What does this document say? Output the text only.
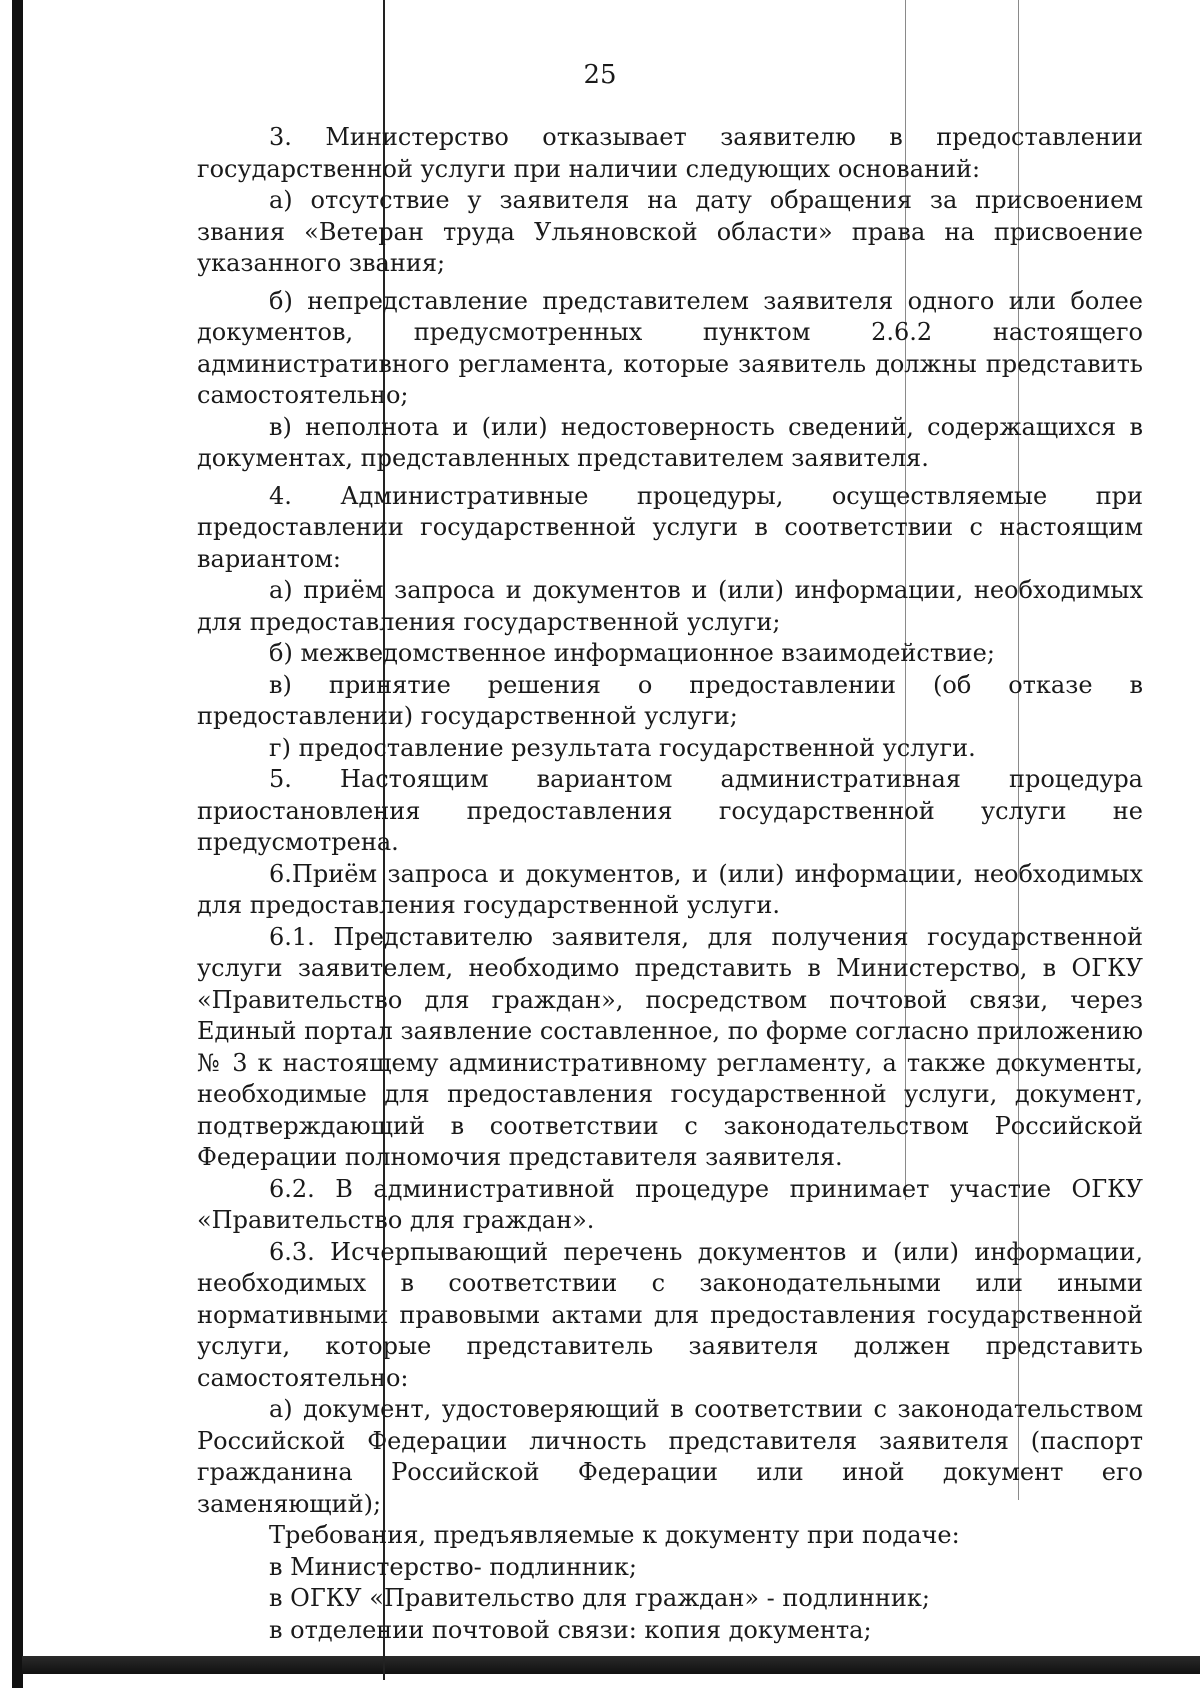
25

3. Министерство отказывает заявителю в предоставлении государственной услуги при наличии следующих оснований:

а) отсутствие у заявителя на дату обращения за присвоением звания «Ветеран труда Ульяновской области» права на присвоение указанного звания;

б) непредставление представителем заявителя одного или более документов, предусмотренных пунктом 2.6.2 настоящего административного регламента, которые заявитель должны представить самостоятельно;

в) неполнота и (или) недостоверность сведений, содержащихся в документах, представленных представителем заявителя.

4. Административные процедуры, осуществляемые при предоставлении государственной услуги в соответствии с настоящим вариантом:

а) приём запроса и документов и (или) информации, необходимых для предоставления государственной услуги;

б) межведомственное информационное взаимодействие;

в) принятие решения о предоставлении (об отказе в предоставлении) государственной услуги;

г) предоставление результата государственной услуги.

5. Настоящим вариантом административная процедура приостановления предоставления государственной услуги не предусмотрена.

6.Приём запроса и документов, и (или) информации, необходимых для предоставления государственной услуги.

6.1. Представителю заявителя, для получения государственной услуги заявителем, необходимо представить в Министерство, в ОГКУ «Правительство для граждан», посредством почтовой связи, через Единый портал заявление составленное, по форме согласно приложению № 3 к настоящему административному регламенту, а также документы, необходимые для предоставления государственной услуги, документ, подтверждающий в соответствии с законодательством Российской Федерации полномочия представителя заявителя.

6.2. В административной процедуре принимает участие ОГКУ «Правительство для граждан».

6.3. Исчерпывающий перечень документов и (или) информации, необходимых в соответствии с законодательными или иными нормативными правовыми актами для предоставления государственной услуги, которые представитель заявителя должен представить самостоятельно:

а) документ, удостоверяющий в соответствии с законодательством Российской Федерации личность представителя заявителя (паспорт гражданина Российской Федерации или иной документ его заменяющий);

Требования, предъявляемые к документу при подаче:

в Министерство- подлинник;

в ОГКУ «Правительство для граждан» - подлинник;

в отделении почтовой связи: копия документа;
